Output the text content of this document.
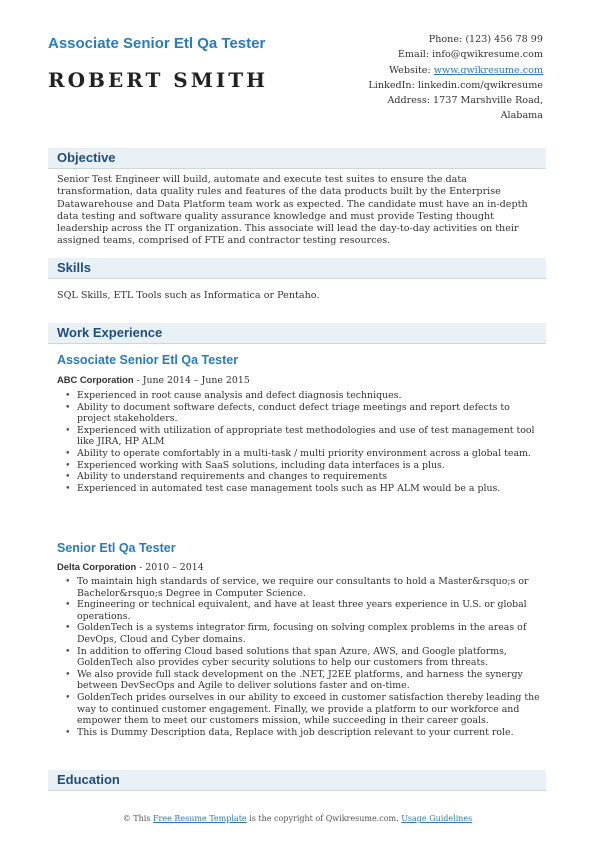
Associate Senior Etl Qa Tester
ROBERT SMITH
Phone: (123) 456 78 99
Email: info@qwikresume.com
Website: www.qwikresume.com
LinkedIn: linkedin.com/qwikresume
Address: 1737 Marshville Road,
Alabama
Objective
Senior Test Engineer will build, automate and execute test suites to ensure the data transformation, data quality rules and features of the data products built by the Enterprise Datawarehouse and Data Platform team work as expected. The candidate must have an in-depth data testing and software quality assurance knowledge and must provide Testing thought leadership across the IT organization. This associate will lead the day-to-day activities on their assigned teams, comprised of FTE and contractor testing resources.
Skills
SQL Skills, ETL Tools such as Informatica or Pentaho.
Work Experience
Associate Senior Etl Qa Tester
ABC Corporation - June 2014 – June 2015
• Experienced in root cause analysis and defect diagnosis techniques.
• Ability to document software defects, conduct defect triage meetings and report defects to project stakeholders.
• Experienced with utilization of appropriate test methodologies and use of test management tool like JIRA, HP ALM
• Ability to operate comfortably in a multi-task / multi priority environment across a global team.
• Experienced working with SaaS solutions, including data interfaces is a plus.
• Ability to understand requirements and changes to requirements
• Experienced in automated test case management tools such as HP ALM would be a plus.
Senior Etl Qa Tester
Delta Corporation - 2010 – 2014
• To maintain high standards of service, we require our consultants to hold a Master&rsquo;s or Bachelor&rsquo;s Degree in Computer Science.
• Engineering or technical equivalent, and have at least three years experience in U.S. or global operations.
• GoldenTech is a systems integrator firm, focusing on solving complex problems in the areas of DevOps, Cloud and Cyber domains.
• In addition to offering Cloud based solutions that span Azure, AWS, and Google platforms, GoldenTech also provides cyber security solutions to help our customers from threats.
• We also provide full stack development on the .NET, J2EE platforms, and harness the synergy between DevSecOps and Agile to deliver solutions faster and on-time.
• GoldenTech prides ourselves in our ability to exceed in customer satisfaction thereby leading the way to continued customer engagement. Finally, we provide a platform to our workforce and empower them to meet our customers mission, while succeeding in their career goals.
• This is Dummy Description data, Replace with job description relevant to your current role.
Education
© This Free Resume Template is the copyright of Qwikresume.com. Usage Guidelines
